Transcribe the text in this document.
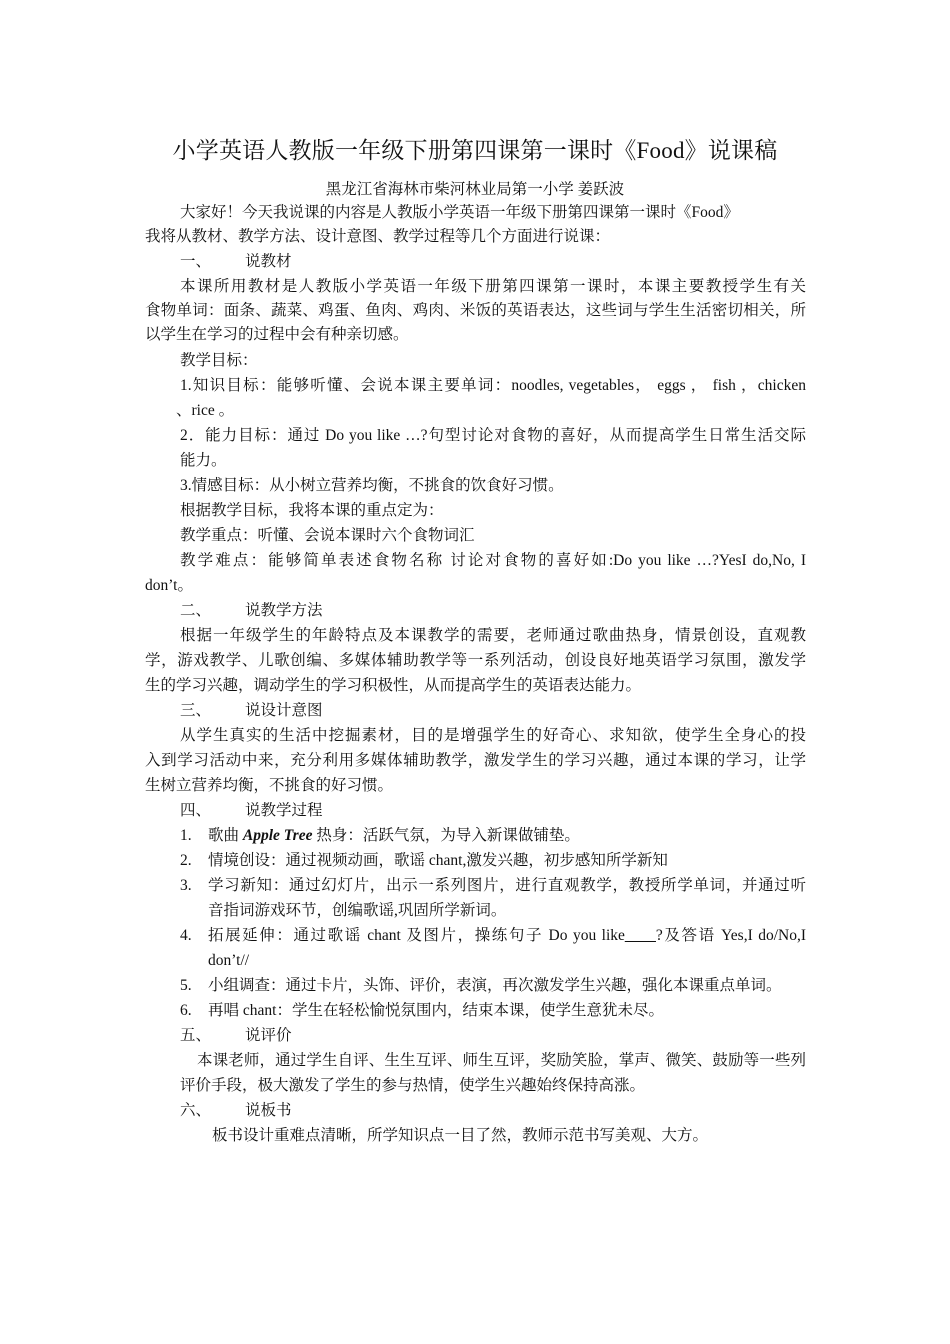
小学英语人教版一年级下册第四课第一课时《Food》说课稿
黑龙江省海林市柴河林业局第一小学 姜跃波
大家好！今天我说课的内容是人教版小学英语一年级下册第四课第一课时《Food》
我将从教材、教学方法、设计意图、教学过程等几个方面进行说课：
一、 说教材
本课所用教材是人教版小学英语一年级下册第四课第一课时，本课主要教授学生有关
食物单词：面条、蔬菜、鸡蛋、鱼肉、鸡肉、米饭的英语表达，这些词与学生生活密切相关，所
以学生在学习的过程中会有种亲切感。
教学目标：
1.知识目标：能够听懂、会说本课主要单词：noodles, vegetables， eggs ， fish ，chicken
、rice 。
2．能力目标：通过 Do you like …?句型讨论对食物的喜好，从而提高学生日常生活交际
能力。
3.情感目标：从小树立营养均衡，不挑食的饮食好习惯。
根据教学目标，我将本课的重点定为：
教学重点：听懂、会说本课时六个食物词汇
教学难点：能够简单表述食物名称 讨论对食物的喜好如:Do you like …?YesI do,No, I
don’t。
二、 说教学方法
根据一年级学生的年龄特点及本课教学的需要，老师通过歌曲热身，情景创设，直观教
学，游戏教学、儿歌创编、多媒体辅助教学等一系列活动，创设良好地英语学习氛围，激发学
生的学习兴趣，调动学生的学习积极性，从而提高学生的英语表达能力。
三、 说设计意图
从学生真实的生活中挖掘素材，目的是增强学生的好奇心、求知欲，使学生全身心的投
入到学习活动中来，充分利用多媒体辅助教学，激发学生的学习兴趣，通过本课的学习，让学
生树立营养均衡，不挑食的好习惯。
四、 说教学过程
1. 歌曲 Apple Tree 热身：活跃气氛，为导入新课做铺垫。
2. 情境创设：通过视频动画，歌谣 chant,激发兴趣，初步感知所学新知
3. 学习新知：通过幻灯片，出示一系列图片，进行直观教学，教授所学单词，并通过听
音指词游戏环节，创编歌谣,巩固所学新词。
4. 拓展延伸：通过歌谣 chant 及图片，操练句子 Do you like____?及答语 Yes,I do/No,I
don’t//
5. 小组调查：通过卡片，头饰、评价，表演，再次激发学生兴趣，强化本课重点单词。
6. 再唱 chant：学生在轻松愉悦氛围内，结束本课，使学生意犹未尽。
五、 说评价
本课老师，通过学生自评、生生互评、师生互评，奖励笑脸，掌声、微笑、鼓励等一些列
评价手段，极大激发了学生的参与热情，使学生兴趣始终保持高涨。
六、 说板书
板书设计重难点清晰，所学知识点一目了然，教师示范书写美观、大方。
